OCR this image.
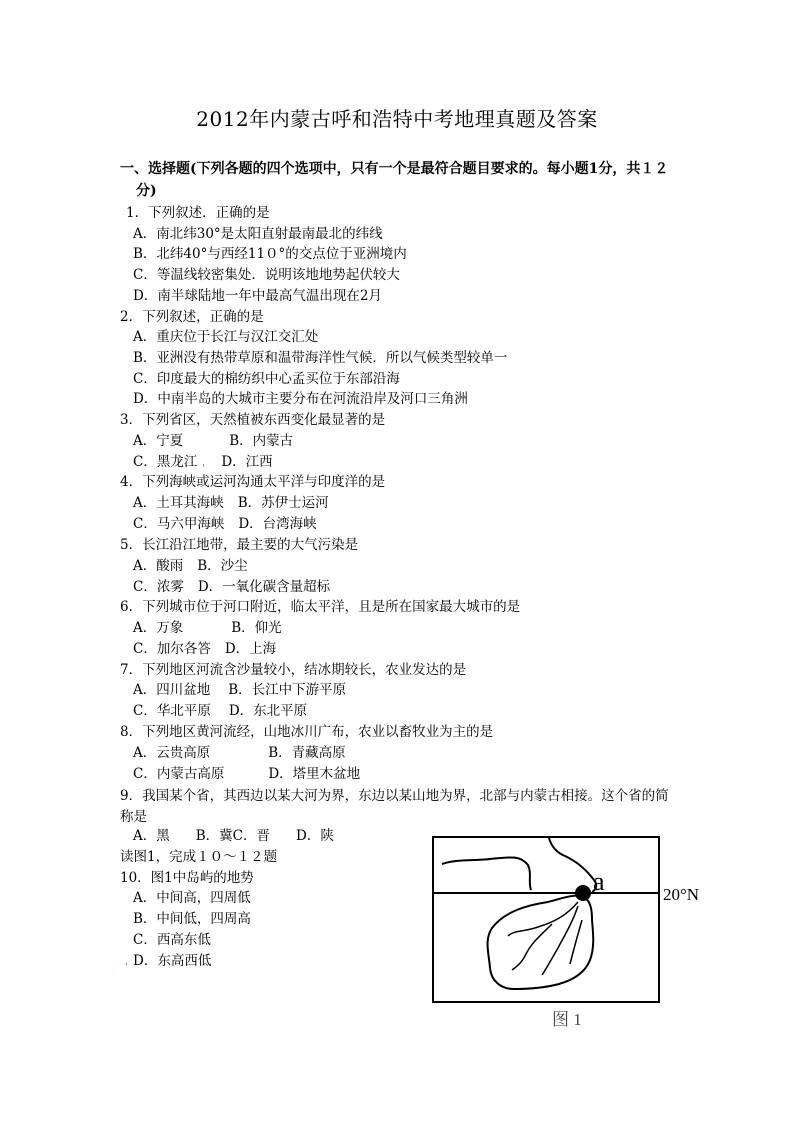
2012年内蒙古呼和浩特中考地理真题及答案
一、选择题(下列各题的四个选项中，只有一个是最符合题目要求的。每小题1分，共１２
分)
1．下列叙述．正确的是
A．南北纬30°是太阳直射最南最北的纬线
B．北纬40°与西经11０°的交点位于亚洲境内
C．等温线较密集处．说明该地地势起伏较大
D．南半球陆地一年中最高气温出现在2月
2．下列叙述，正确的是
A．重庆位于长江与汉江交汇处
B．亚洲没有热带草原和温带海洋性气候．所以气候类型较单一
C．印度最大的棉纺织中心孟买位于东部沿海
D．中南半岛的大城市主要分布在河流沿岸及河口三角洲
3．下列省区，天然植被东西变化最显著的是
A．宁夏	B．内蒙古
C．黑龙江 D．江西
ˌ
4．下列海峡或运河沟通太平洋与印度洋的是
A．土耳其海峡 B．苏伊士运河
C．马六甲海峡 D．台湾海峡
5．长江沿江地带，最主要的大气污染是
A．酸雨 B．沙尘
C．浓雾 D．一氧化碳含量超标
6．下列城市位于河口附近，临太平洋，且是所在国家最大城市的是
A．万象	B．仰光
C．加尔各答 D．上海
7．下列地区河流含沙量较小，结冰期较长，农业发达的是
A．四川盆地 B．长江中下游平原
C．华北平原 D．东北平原
8．下列地区黄河流经，山地冰川广布，农业以畜牧业为主的是
A．云贵高原	B．青藏高原
C．内蒙古高原	D．塔里木盆地
9．我国某个省，其西边以某大河为界，东边以某山地为界，北部与内蒙古相接。这个省的简称是
A．黑 B．冀C．晋 D．陕
读图1，完成１０～１２题
10．图1中岛屿的地势
A．中间高，四周低
B．中间低，四周高
C．西高东低
D．东高西低
ˌ
a	20°N
图 1
